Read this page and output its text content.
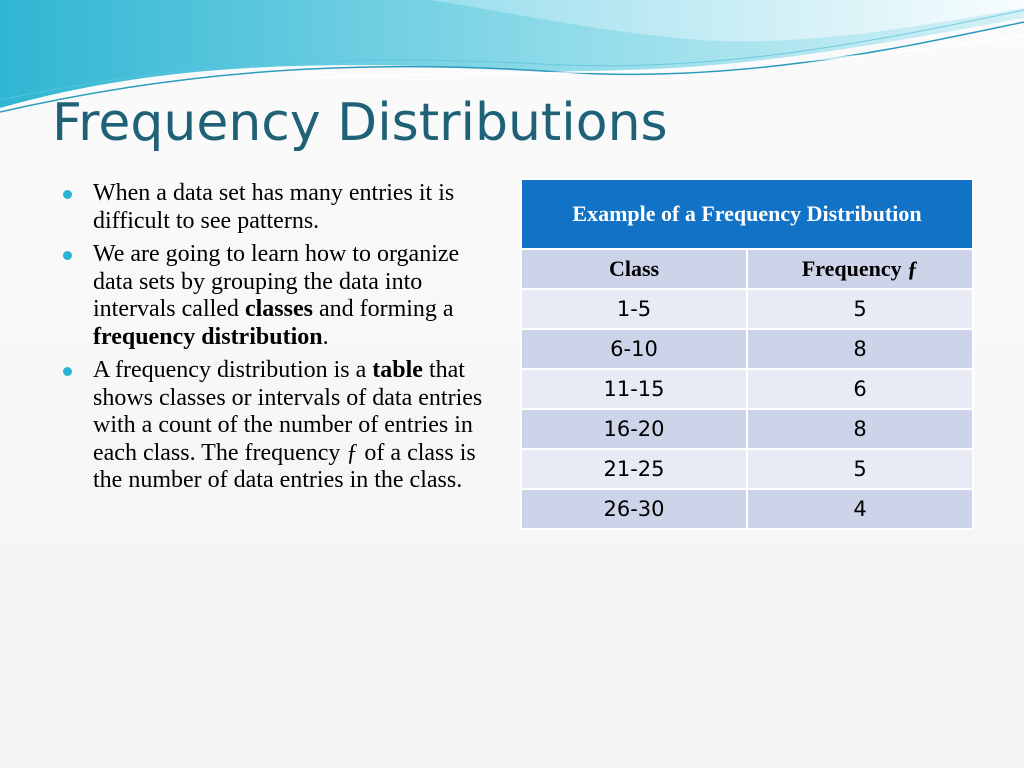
Frequency Distributions
When a data set has many entries it is difficult to see patterns.
We are going to learn how to organize data sets by grouping the data into intervals called classes and forming a frequency distribution.
A frequency distribution is a table that shows classes or intervals of data entries with a count of the number of entries in each class. The frequency ƒ of a class is the number of data entries in the class.
Example of a Frequency Distribution	
Class	Frequency ƒ
1-5	5
6-10	8
11-15	6
16-20	8
21-25	5
26-30	4
